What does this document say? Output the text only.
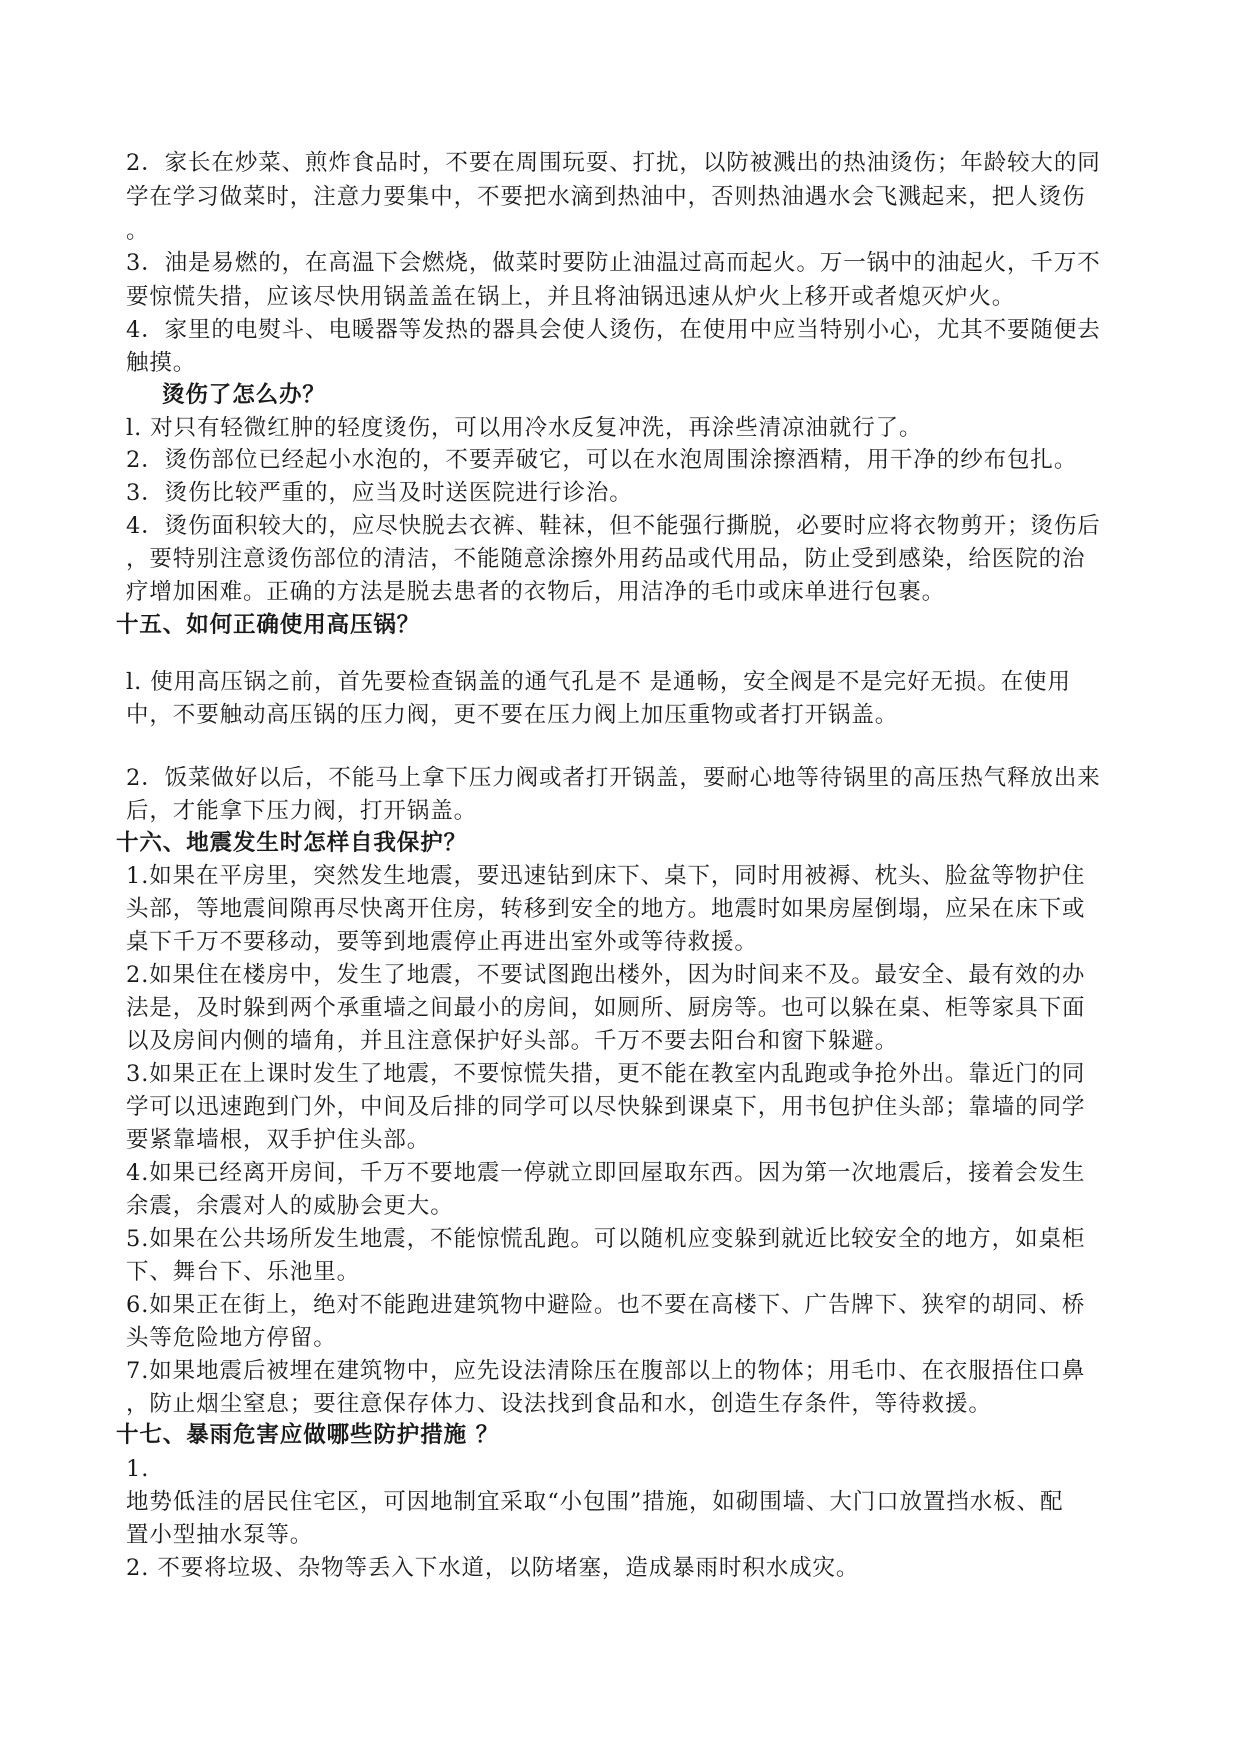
2．家长在炒菜、煎炸食品时，不要在周围玩耍、打扰，以防被溅出的热油烫伤；年龄较大的同
学在学习做菜时，注意力要集中，不要把水滴到热油中，否则热油遇水会飞溅起来，把人烫伤
。
3．油是易燃的，在高温下会燃烧，做菜时要防止油温过高而起火。万一锅中的油起火，千万不
要惊慌失措，应该尽快用锅盖盖在锅上，并且将油锅迅速从炉火上移开或者熄灭炉火。
4．家里的电熨斗、电暖器等发热的器具会使人烫伤，在使用中应当特别小心，尤其不要随便去
触摸。
烫伤了怎么办？
l. 对只有轻微红肿的轻度烫伤，可以用冷水反复冲洗，再涂些清凉油就行了。
2．烫伤部位已经起小水泡的，不要弄破它，可以在水泡周围涂擦酒精，用干净的纱布包扎。
3．烫伤比较严重的，应当及时送医院进行诊治。
4．烫伤面积较大的，应尽快脱去衣裤、鞋袜，但不能强行撕脱，必要时应将衣物剪开；烫伤后
，要特别注意烫伤部位的清洁，不能随意涂擦外用药品或代用品，防止受到感染，给医院的治
疗增加困难。正确的方法是脱去患者的衣物后，用洁净的毛巾或床单进行包裹。
十五、如何正确使用高压锅？
l. 使用高压锅之前，首先要检查锅盖的通气孔是不 是通畅，安全阀是不是完好无损。在使用
中，不要触动高压锅的压力阀，更不要在压力阀上加压重物或者打开锅盖。
2．饭菜做好以后，不能马上拿下压力阀或者打开锅盖，要耐心地等待锅里的高压热气释放出来
后，才能拿下压力阀，打开锅盖。
十六、地震发生时怎样自我保护？
1.如果在平房里，突然发生地震，要迅速钻到床下、桌下，同时用被褥、枕头、脸盆等物护住
头部，等地震间隙再尽快离开住房，转移到安全的地方。地震时如果房屋倒塌，应呆在床下或
桌下千万不要移动，要等到地震停止再进出室外或等待救援。
2.如果住在楼房中，发生了地震，不要试图跑出楼外，因为时间来不及。最安全、最有效的办
法是，及时躲到两个承重墙之间最小的房间，如厕所、厨房等。也可以躲在桌、柜等家具下面
以及房间内侧的墙角，并且注意保护好头部。千万不要去阳台和窗下躲避。
3.如果正在上课时发生了地震，不要惊慌失措，更不能在教室内乱跑或争抢外出。靠近门的同
学可以迅速跑到门外，中间及后排的同学可以尽快躲到课桌下，用书包护住头部；靠墙的同学
要紧靠墙根，双手护住头部。
4.如果已经离开房间，千万不要地震一停就立即回屋取东西。因为第一次地震后，接着会发生
余震，余震对人的威胁会更大。
5.如果在公共场所发生地震，不能惊慌乱跑。可以随机应变躲到就近比较安全的地方，如桌柜
下、舞台下、乐池里。
6.如果正在街上，绝对不能跑进建筑物中避险。也不要在高楼下、广告牌下、狭窄的胡同、桥
头等危险地方停留。
7.如果地震后被埋在建筑物中，应先设法清除压在腹部以上的物体；用毛巾、在衣服捂住口鼻
，防止烟尘窒息；要往意保存体力、设法找到食品和水，创造生存条件，等待救援。
十七、暴雨危害应做哪些防护措施 ？
1.
地势低洼的居民住宅区，可因地制宜采取“小包围”措施，如砌围墙、大门口放置挡水板、配
置小型抽水泵等。
2. 不要将垃圾、杂物等丢入下水道，以防堵塞，造成暴雨时积水成灾。
